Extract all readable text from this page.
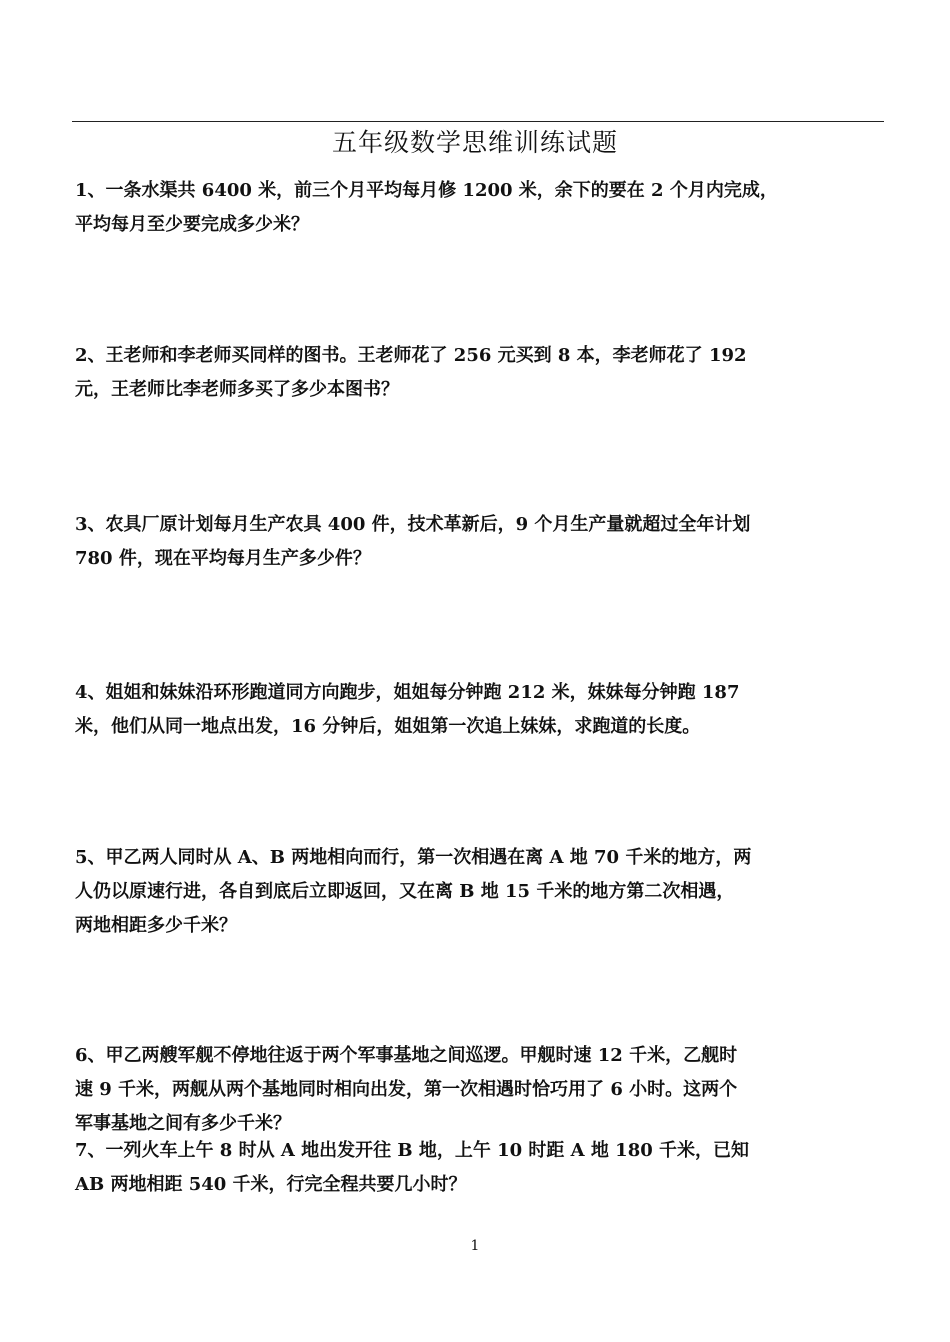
五年级数学思维训练试题
1、一条水渠共 6400 米，前三个月平均每月修 1200 米，余下的要在 2 个月内完成，
平均每月至少要完成多少米？
2、王老师和李老师买同样的图书。王老师花了 256 元买到 8 本，李老师花了 192
元，王老师比李老师多买了多少本图书？
3、农具厂原计划每月生产农具 400 件，技术革新后，9 个月生产量就超过全年计划
780 件，现在平均每月生产多少件？
4、姐姐和妹妹沿环形跑道同方向跑步，姐姐每分钟跑 212 米，妹妹每分钟跑 187
米，他们从同一地点出发，16 分钟后，姐姐第一次追上妹妹，求跑道的长度。
5、甲乙两人同时从 A、B 两地相向而行，第一次相遇在离 A 地 70 千米的地方，两
人仍以原速行进，各自到底后立即返回，又在离 B 地 15 千米的地方第二次相遇，
两地相距多少千米？
6、甲乙两艘军舰不停地往返于两个军事基地之间巡逻。甲舰时速 12 千米，乙舰时
速 9 千米，两舰从两个基地同时相向出发，第一次相遇时恰巧用了 6 小时。这两个
军事基地之间有多少千米？
7、一列火车上午 8 时从 A 地出发开往 B 地，上午 10 时距 A 地 180 千米，已知
AB 两地相距 540 千米，行完全程共要几小时？
1
